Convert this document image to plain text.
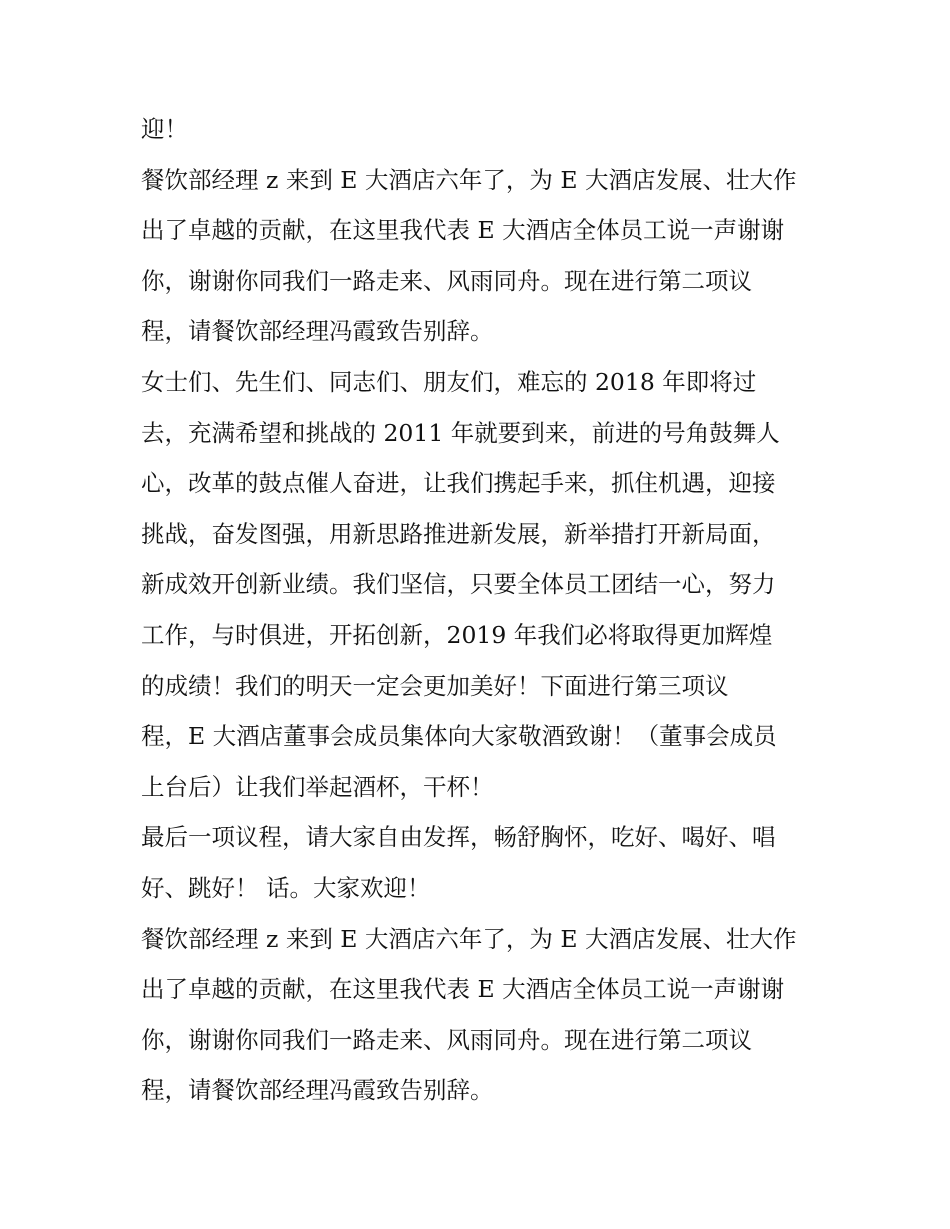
迎！

餐饮部经理 z 来到 E 大酒店六年了，为 E 大酒店发展、壮大作

出了卓越的贡献，在这里我代表 E 大酒店全体员工说一声谢谢

你，谢谢你同我们一路走来、风雨同舟。现在进行第二项议

程，请餐饮部经理冯霞致告别辞。

女士们、先生们、同志们、朋友们，难忘的 2018 年即将过

去，充满希望和挑战的 2011 年就要到来，前进的号角鼓舞人

心，改革的鼓点催人奋进，让我们携起手来，抓住机遇，迎接

挑战，奋发图强，用新思路推进新发展，新举措打开新局面，

新成效开创新业绩。我们坚信，只要全体员工团结一心，努力

工作，与时俱进，开拓创新，2019 年我们必将取得更加辉煌

的成绩！我们的明天一定会更加美好！下面进行第三项议

程，E 大酒店董事会成员集体向大家敬酒致谢！（董事会成员

上台后）让我们举起酒杯，干杯！

最后一项议程，请大家自由发挥，畅舒胸怀，吃好、喝好、唱

好、跳好！ 话。大家欢迎！

餐饮部经理 z 来到 E 大酒店六年了，为 E 大酒店发展、壮大作

出了卓越的贡献，在这里我代表 E 大酒店全体员工说一声谢谢

你，谢谢你同我们一路走来、风雨同舟。现在进行第二项议

程，请餐饮部经理冯霞致告别辞。
